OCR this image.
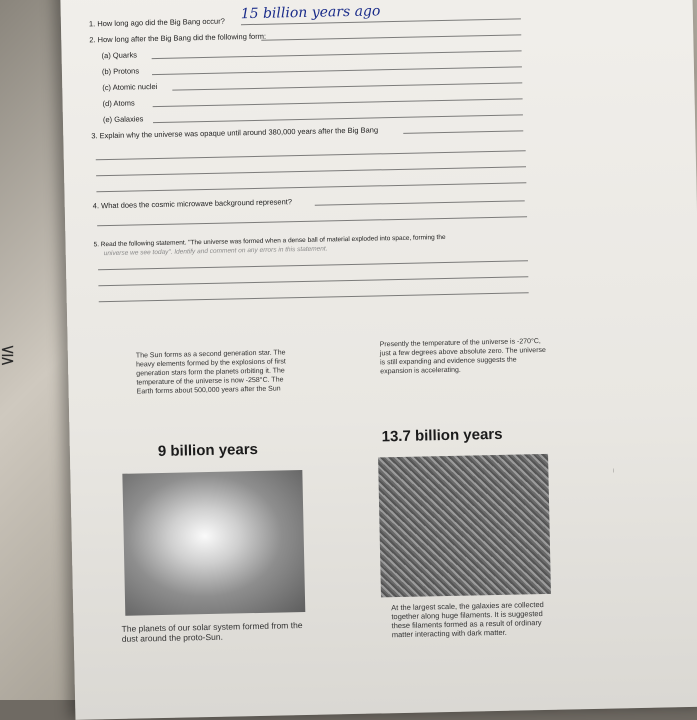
⋚
1. How long ago did the Big Bang occur?
15 billion years ago
2. How long after the Big Bang did the following form:
(a) Quarks
(b) Protons
(c) Atomic nuclei
(d) Atoms
(e) Galaxies
3. Explain why the universe was opaque until around 380,000 years after the Big Bang
4. What does the cosmic microwave background represent?
5. Read the following statement. "The universe was formed when a dense ball of material exploded into space, forming the
universe we see today". Identify and comment on any errors in this statement.
The Sun forms as a second generation star. The heavy elements formed by the explosions of first generation stars form the planets orbiting it. The temperature of the universe is now -258°C. The Earth forms about 500,000 years after the Sun
9 billion years
The planets of our solar system formed from the dust around the proto-Sun.
Presently the temperature of the universe is -270°C, just a few degrees above absolute zero. The universe is still expanding and evidence suggests the expansion is accelerating.
13.7 billion years
At the largest scale, the galaxies are collected together along huge filaments. It is suggested these filaments formed as a result of ordinary matter interacting with dark matter.
—
